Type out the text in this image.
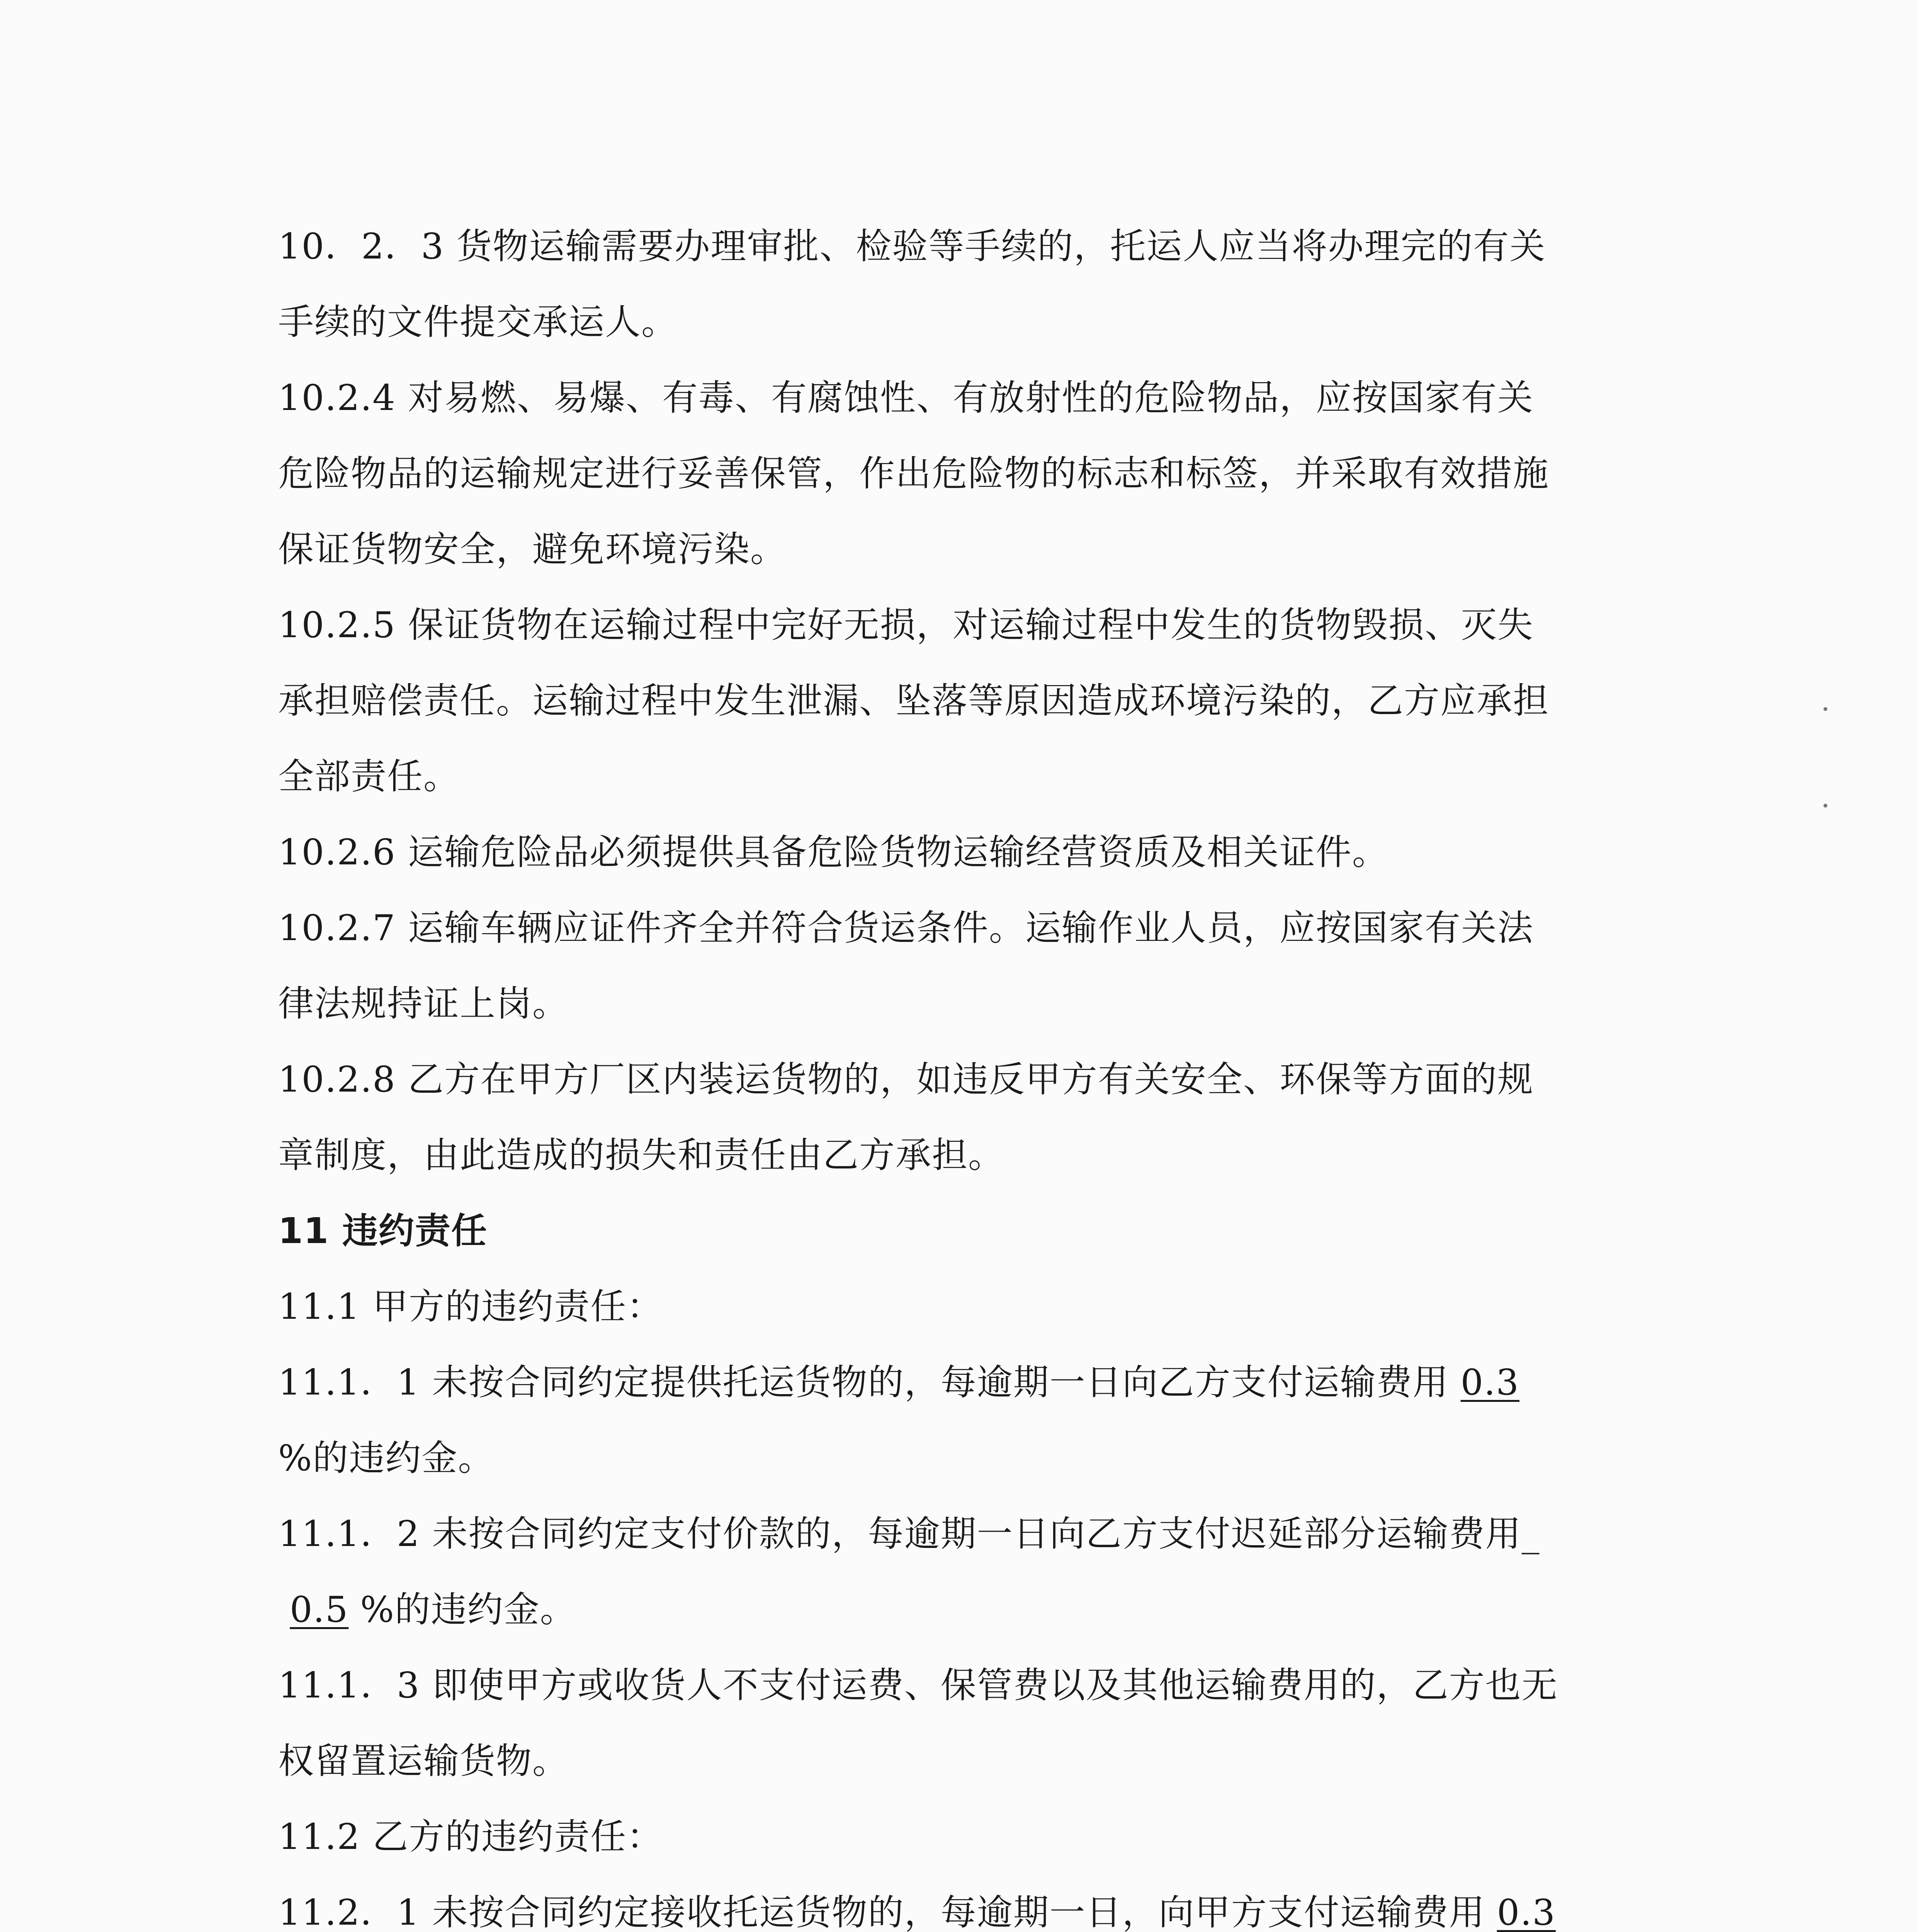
10．2．3 货物运输需要办理审批、检验等手续的，托运人应当将办理完的有关
手续的文件提交承运人。
10.2.4 对易燃、易爆、有毒、有腐蚀性、有放射性的危险物品，应按国家有关
危险物品的运输规定进行妥善保管，作出危险物的标志和标签，并采取有效措施
保证货物安全，避免环境污染。
10.2.5 保证货物在运输过程中完好无损，对运输过程中发生的货物毁损、灭失
承担赔偿责任。运输过程中发生泄漏、坠落等原因造成环境污染的，乙方应承担
全部责任。
10.2.6 运输危险品必须提供具备危险货物运输经营资质及相关证件。
10.2.7 运输车辆应证件齐全并符合货运条件。运输作业人员，应按国家有关法
律法规持证上岗。
10.2.8 乙方在甲方厂区内装运货物的，如违反甲方有关安全、环保等方面的规
章制度，由此造成的损失和责任由乙方承担。
11 违约责任
11.1 甲方的违约责任：
11.1．1 未按合同约定提供托运货物的，每逾期一日向乙方支付运输费用 0.3
%的违约金。
11.1．2 未按合同约定支付价款的，每逾期一日向乙方支付迟延部分运输费用_
0.5 %的违约金。
11.1．3 即使甲方或收货人不支付运费、保管费以及其他运输费用的，乙方也无
权留置运输货物。
11.2 乙方的违约责任：
11.2．1 未按合同约定接收托运货物的，每逾期一日，向甲方支付运输费用 0.3
